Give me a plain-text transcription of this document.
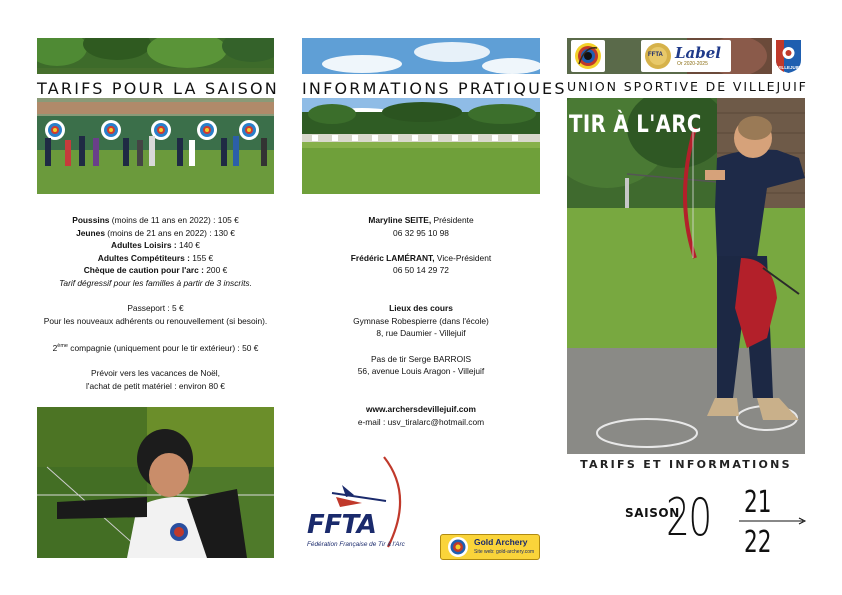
TARIFS POUR LA SAISON
Poussins (moins de 11 ans en 2022) : 105 €
Jeunes (moins de 21 ans en 2022) : 130 €
Adultes Loisirs : 140 €
Adultes Compétiteurs : 155 €
Chèque de caution pour l'arc : 200 €
Tarif dégressif pour les familles à partir de 3 inscrits.
Passeport : 5 €
Pour les nouveaux adhérents ou renouvellement (si besoin).
2ème compagnie (uniquement pour le tir extérieur) : 50 €
Prévoir vers les vacances de Noël,
l'achat de petit matériel : environ 80 €
INFORMATIONS PRATIQUES
Maryline SEITE, Présidente
06 32 95 10 98
Frédéric LAMÉRANT, Vice-Président
06 50 14 29 72
Lieux des cours
Gymnase Robespierre (dans l'école)
8, rue Daumier - Villejuif
Pas de tir Serge BARROIS
56, avenue Louis Aragon - Villejuif
www.archersdevillejuif.com
e-mail : usv_tiralarc@hotmail.com
FFTA
Fédération Française de Tir à l'Arc	Gold Archery
Site web: gold-archery.com
FFTA Label
Or 2020-2025
VILLEJUIF
UNION SPORTIVE DE VILLEJUIF
TIR À L'ARC
TARIFS ET INFORMATIONS
SAISON
20 21
22
